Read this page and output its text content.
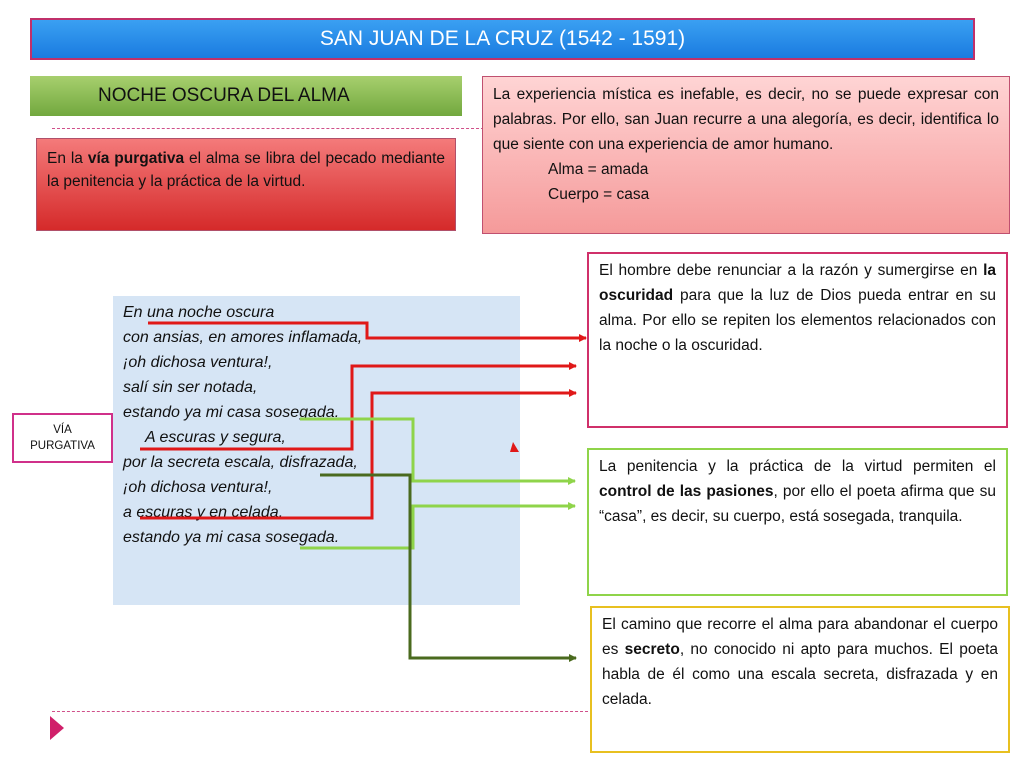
SAN JUAN DE LA CRUZ (1542 - 1591)
NOCHE OSCURA DEL ALMA
En la vía purgativa el alma se libra del pecado mediante la penitencia y la práctica de la virtud.
La experiencia mística es inefable, es decir, no se puede expresar con palabras. Por ello, san Juan recurre a una alegoría, es decir, identifica lo que siente con una experiencia de amor humano.
Alma = amada
Cuerpo = casa
En una noche oscura
con ansias, en amores inflamada,
¡oh dichosa ventura!,
salí sin ser notada,
estando ya mi casa sosegada.
A escuras y segura,
por la secreta escala, disfrazada,
¡oh dichosa ventura!,
a escuras y en celada,
estando ya mi casa sosegada.
VÍA
PURGATIVA
El hombre debe renunciar a la razón y sumergirse en la oscuridad para que la luz de Dios pueda entrar en su alma. Por ello se repiten los elementos relacionados con la noche o la oscuridad.
La penitencia y la práctica de la virtud permiten el control de las pasiones, por ello el poeta afirma que su “casa”, es decir, su cuerpo, está sosegada, tranquila.
El camino que recorre el alma para abandonar el cuerpo es secreto, no conocido ni apto para muchos. El poeta habla de él como una escala secreta, disfrazada y en celada.
